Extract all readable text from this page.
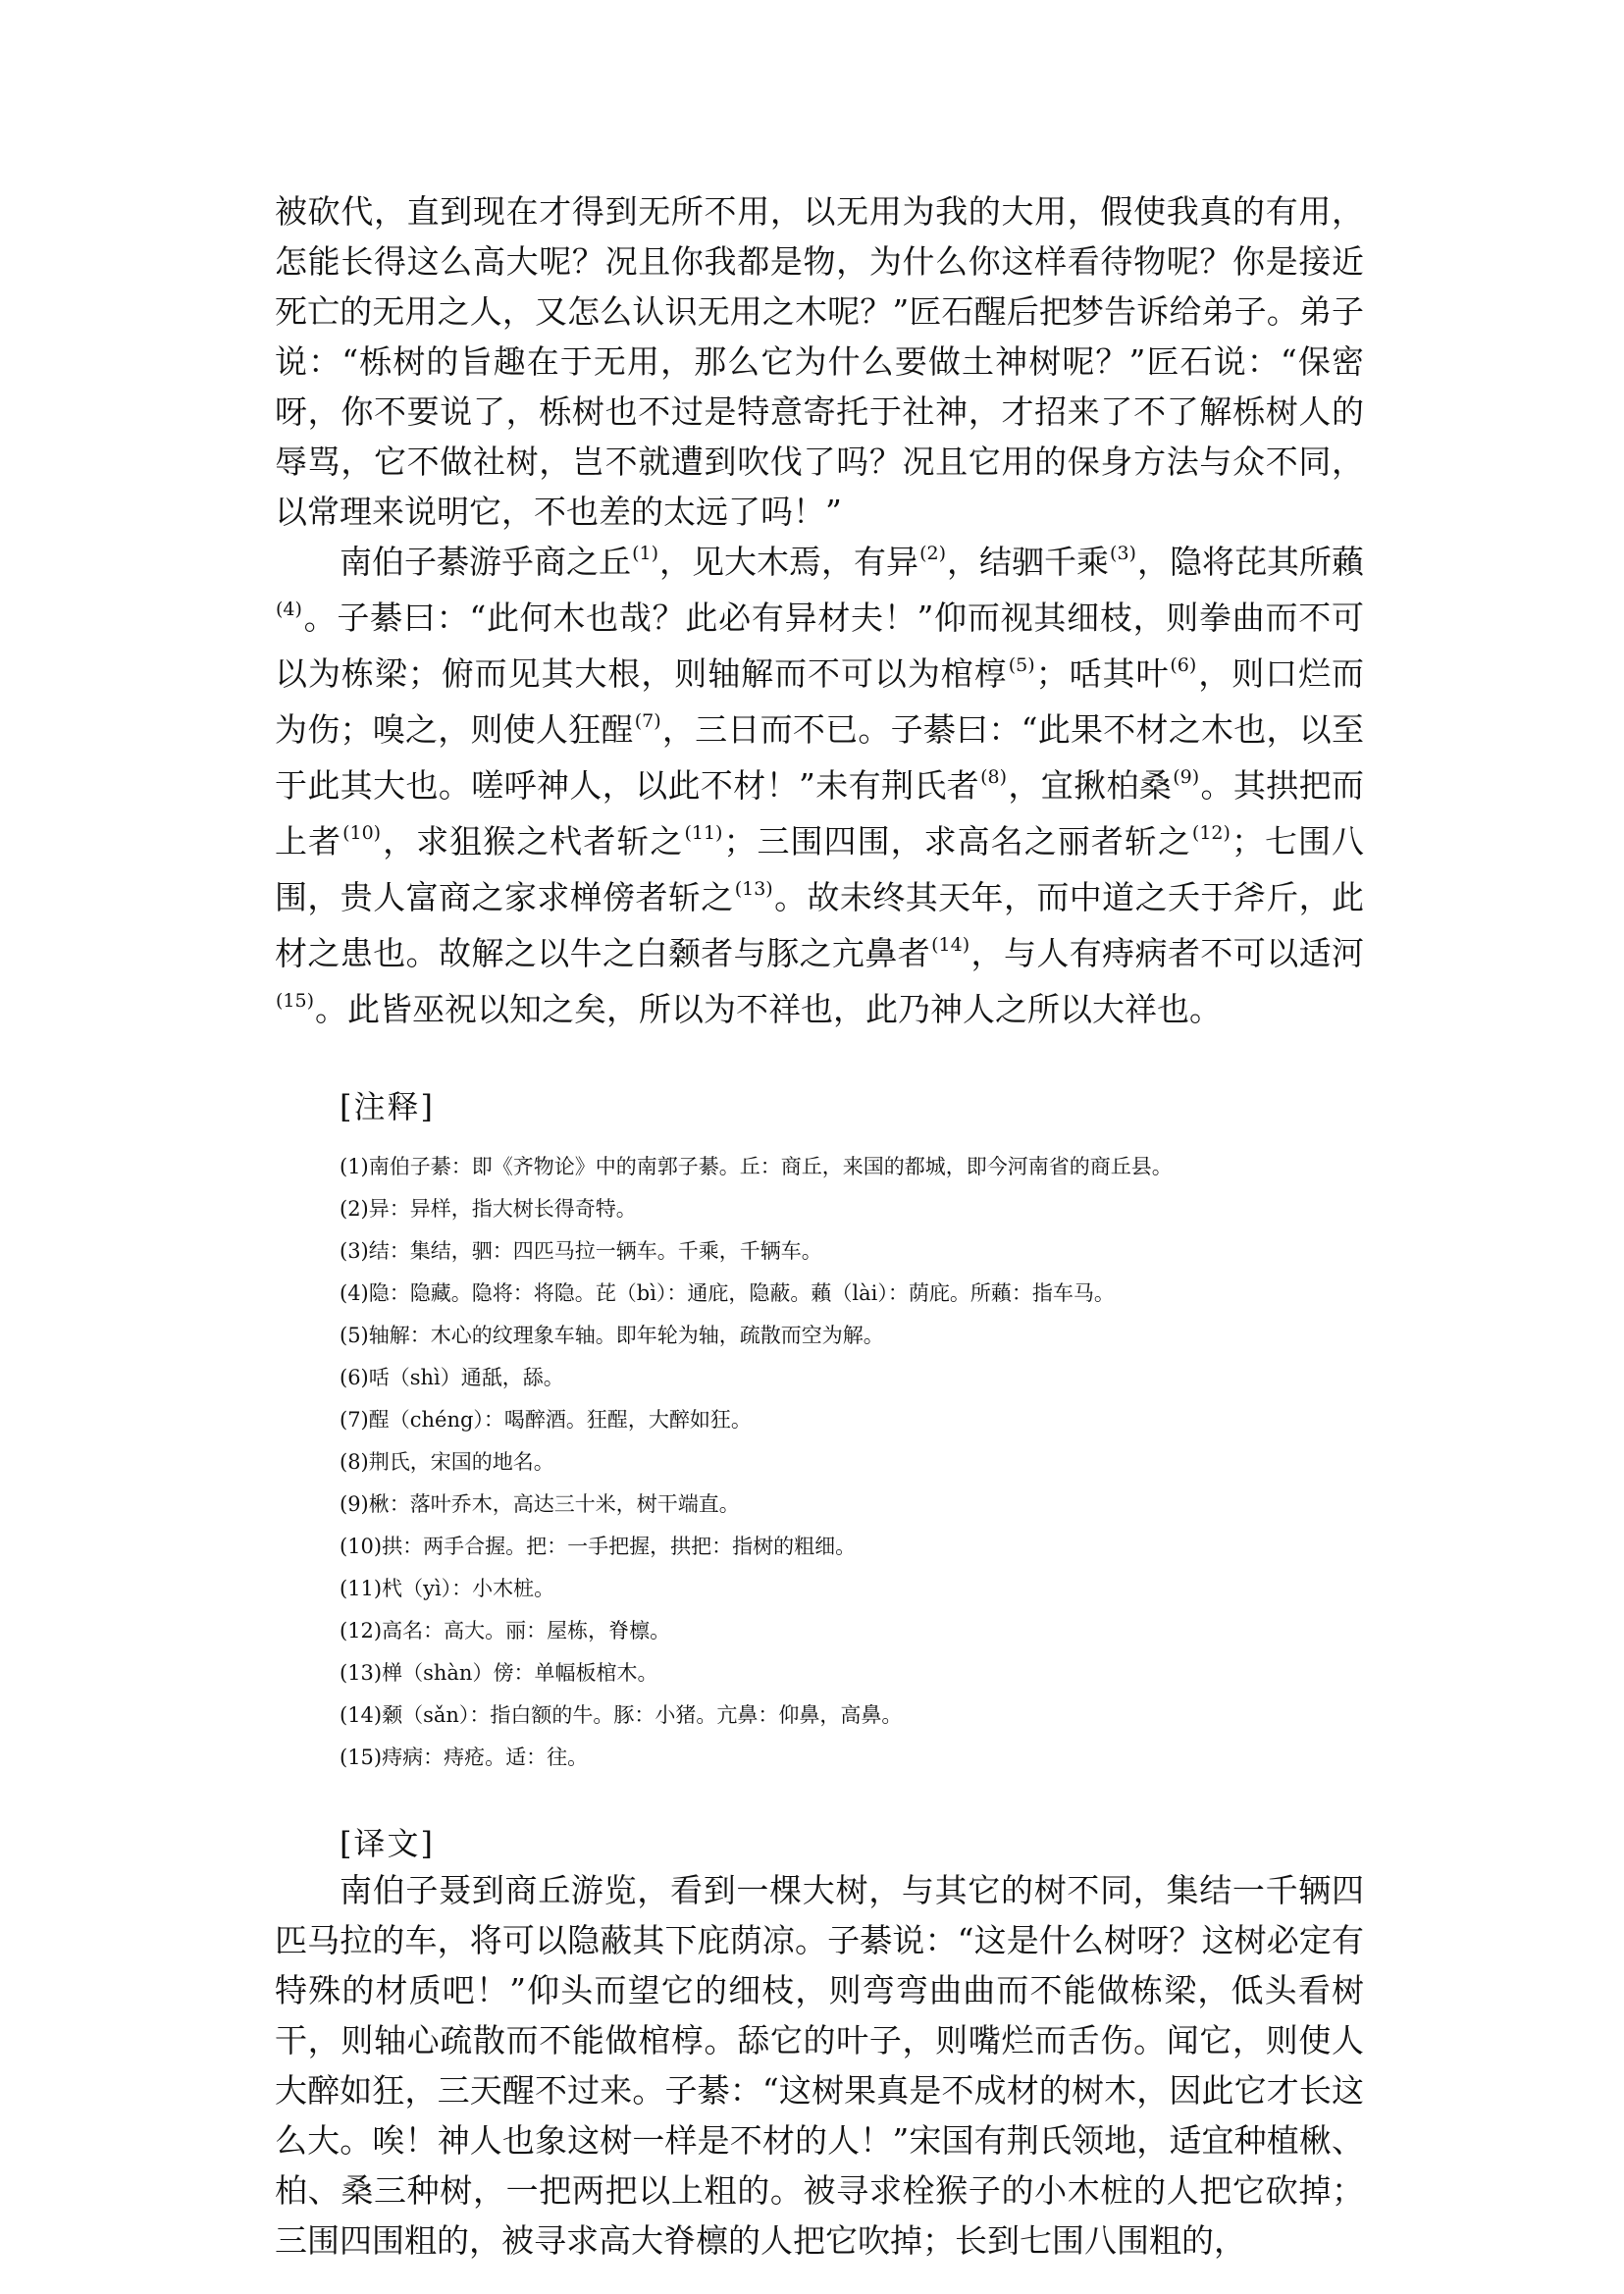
被砍代，直到现在才得到无所不用，以无用为我的大用，假使我真的有用，怎能长得这么高大呢？况且你我都是物，为什么你这样看待物呢？你是接近死亡的无用之人，又怎么认识无用之木呢？”匠石醒后把梦告诉给弟子。弟子说：“栎树的旨趣在于无用，那么它为什么要做土神树呢？”匠石说：“保密呀，你不要说了，栎树也不过是特意寄托于社神，才招来了不了解栎树人的辱骂，它不做社树，岂不就遭到吹伐了吗？况且它用的保身方法与众不同，以常理来说明它，不也差的太远了吗！”

南伯子綦游乎商之丘$^{(1)}$，见大木焉，有异$^{(2)}$，结驷千乘$^{(3)}$，隐将芘其所藾$^{(4)}$。子綦曰：“此何木也哉？此必有异材夫！”仰而视其细枝，则拳曲而不可以为栋梁；俯而见其大根，则轴解而不可以为棺椁$^{(5)}$；咶其叶$^{(6)}$，则口烂而为伤；嗅之，则使人狂酲$^{(7)}$，三日而不已。子綦曰：“此果不材之木也，以至于此其大也。嗟呼神人，以此不材！”未有荆氏者$^{(8)}$，宜揪柏桑$^{(9)}$。其拱把而上者$^{(10)}$，求狙猴之杙者斩之$^{(11)}$；三围四围，求高名之丽者斩之$^{(12)}$；七围八围，贵人富商之家求椫傍者斩之$^{(13)}$。故未终其天年，而中道之夭于斧斤，此材之患也。故解之以牛之白颡者与豚之亢鼻者$^{(14)}$，与人有痔病者不可以适河$^{(15)}$。此皆巫祝以知之矣，所以为不祥也，此乃神人之所以大祥也。

[注释]
(1)南伯子綦：即《齐物论》中的南郭子綦。丘：商丘，来国的都城，即今河南省的商丘县。
(2)异：异样，指大树长得奇特。
(3)结：集结，驷：四匹马拉一辆车。千乘，千辆车。
(4)隐：隐藏。隐将：将隐。芘（bì）：通庇，隐蔽。藾（lài）：荫庇。所藾：指车马。
(5)轴解：木心的纹理象车轴。即年轮为轴，疏散而空为解。
(6)咶（shì）通舐，舔。
(7)酲（chéng）：喝醉酒。狂酲，大醉如狂。
(8)荆氏，宋国的地名。
(9)楸：落叶乔木，高达三十米，树干端直。
(10)拱：两手合握。把：一手把握，拱把：指树的粗细。
(11)杙（yì）：小木桩。
(12)高名：高大。丽：屋栋，脊檩。
(13)椫（shàn）傍：单幅板棺木。
(14)颡（sǎn）：指白额的牛。豚：小猪。亢鼻：仰鼻，高鼻。
(15)痔病：痔疮。适：往。
[译文]

南伯子聂到商丘游览，看到一棵大树，与其它的树不同，集结一千辆四匹马拉的车，将可以隐蔽其下庇荫凉。子綦说：“这是什么树呀？这树必定有特殊的材质吧！”仰头而望它的细枝，则弯弯曲曲而不能做栋梁，低头看树干，则轴心疏散而不能做棺椁。舔它的叶子，则嘴烂而舌伤。闻它，则使人大醉如狂，三天醒不过来。子綦：“这树果真是不成材的树木，因此它才长这么大。唉！神人也象这树一样是不材的人！”宋国有荆氏领地，适宜种植楸、柏、桑三种树，一把两把以上粗的。被寻求栓猴子的小木桩的人把它砍掉；三围四围粗的，被寻求高大脊檩的人把它吹掉；长到七围八围粗的，
